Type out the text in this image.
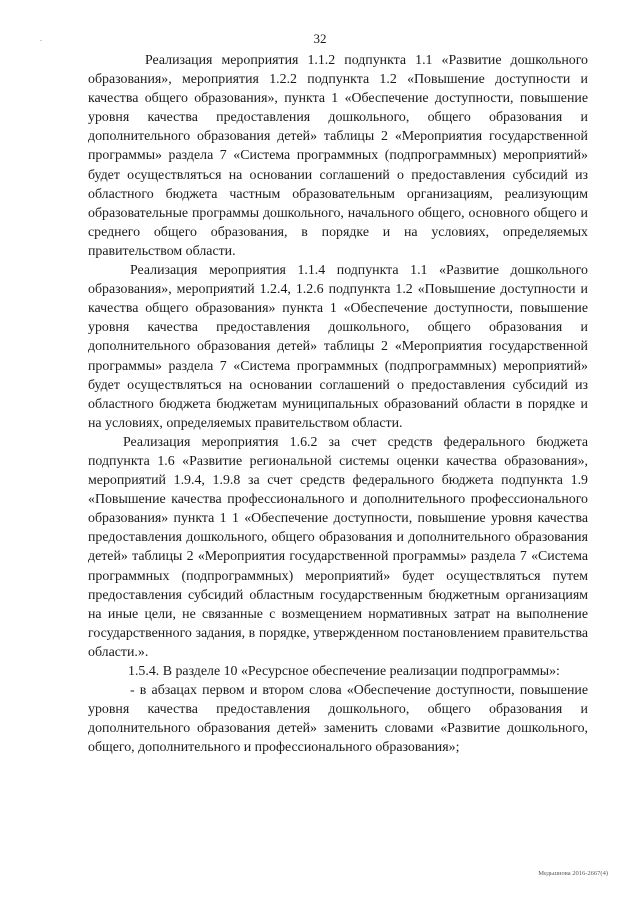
32

Реализация мероприятия 1.1.2 подпункта 1.1 «Развитие дошкольного образования», мероприятия 1.2.2 подпункта 1.2 «Повышение доступности и качества общего образования», пункта 1 «Обеспечение доступности, повышение уровня качества предоставления дошкольного, общего образования и дополнительного образования детей» таблицы 2 «Мероприятия государственной программы» раздела 7 «Система программных (подпрограммных) мероприятий» будет осуществляться на основании соглашений о предоставления субсидий из областного бюджета частным образовательным организациям, реализующим образовательные программы дошкольного, начального общего, основного общего и среднего общего образования, в порядке и на условиях, определяемых правительством области.

Реализация мероприятия 1.1.4 подпункта 1.1 «Развитие дошкольного образования», мероприятий 1.2.4, 1.2.6 подпункта 1.2 «Повышение доступности и качества общего образования» пункта 1 «Обеспечение доступности, повышение уровня качества предоставления дошкольного, общего образования и дополнительного образования детей» таблицы 2 «Мероприятия государственной программы» раздела 7 «Система программных (подпрограммных) мероприятий» будет осуществляться на основании соглашений о предоставления субсидий из областного бюджета бюджетам муниципальных образований области в порядке и на условиях, определяемых правительством области.

Реализация мероприятия 1.6.2 за счет средств федерального бюджета подпункта 1.6 «Развитие региональной системы оценки качества образования», мероприятий 1.9.4, 1.9.8 за счет средств федерального бюджета подпункта 1.9 «Повышение качества профессионального и дополнительного профессионального образования» пункта 1 1 «Обеспечение доступности, повышение уровня качества предоставления дошкольного, общего образования и дополнительного образования детей» таблицы 2 «Мероприятия государственной программы» раздела 7 «Система программных (подпрограммных) мероприятий» будет осуществляться путем предоставления субсидий областным государственным бюджетным организациям на иные цели, не связанные с возмещением нормативных затрат на выполнение государственного задания, в порядке, утвержденном постановлением правительства области.».

1.5.4. В разделе 10 «Ресурсное обеспечение реализации подпрограммы»:

- в абзацах первом и втором слова «Обеспечение доступности, повышение уровня качества предоставления дошкольного, общего образования и дополнительного образования детей» заменить словами «Развитие дошкольного, общего, дополнительного и профессионального образования»;

Медьшнова 2016-2667(4)
